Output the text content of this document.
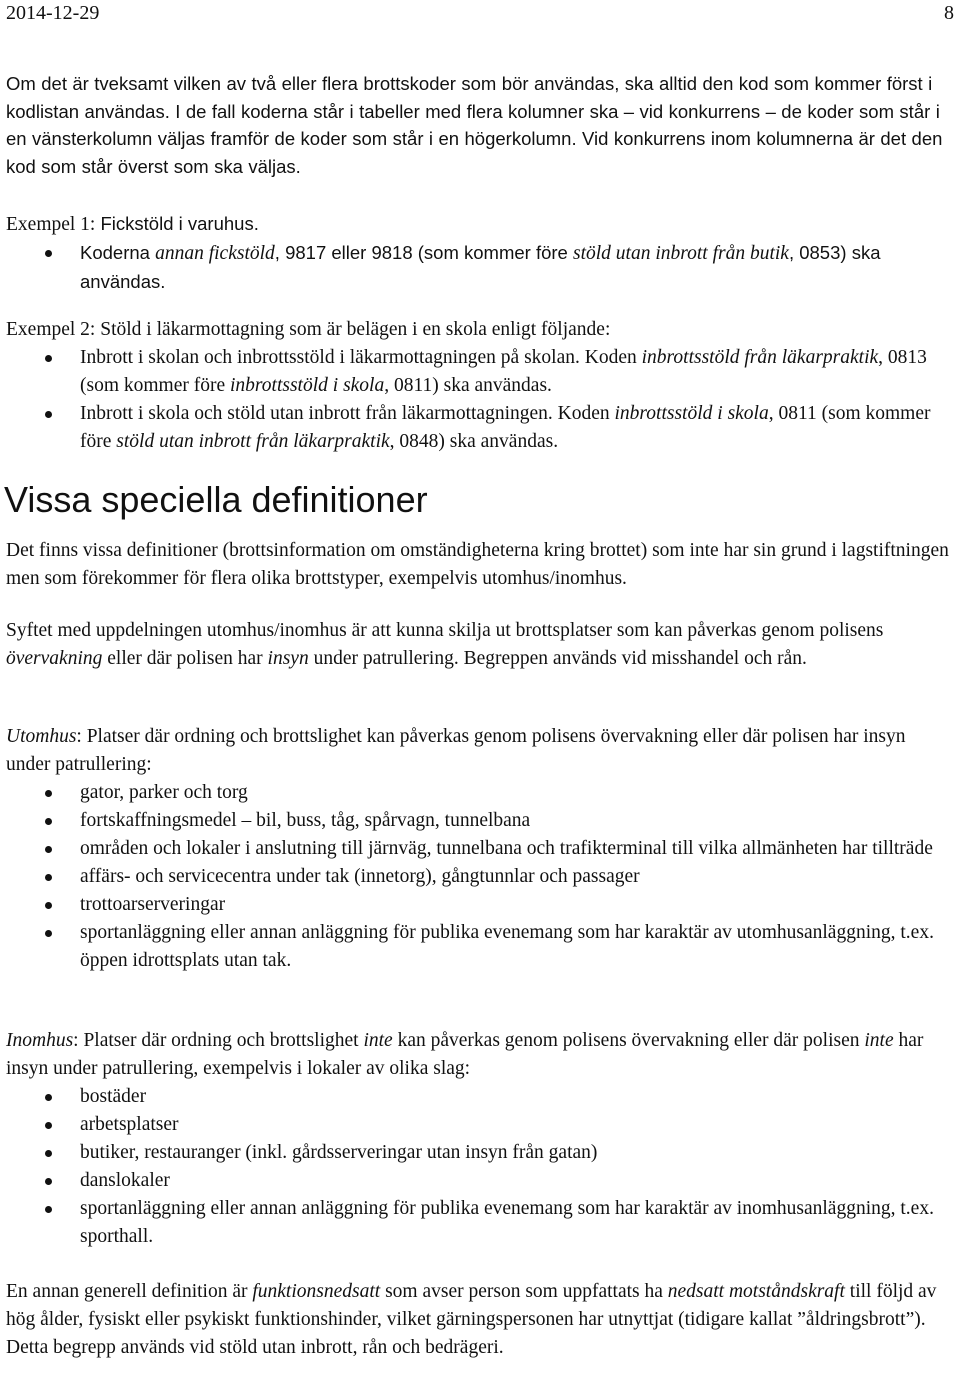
2014-12-29	8
Om det är tveksamt vilken av två eller flera brottskoder som bör användas, ska alltid den kod som kommer först i kodlistan användas. I de fall koderna står i tabeller med flera kolumner ska – vid konkurrens – de koder som står i en vänsterkolumn väljas framför de koder som står i en högerkolumn. Vid konkurrens inom kolumnerna är det den kod som står överst som ska väljas.
Exempel 1: Fickstöld i varuhus.
Koderna annan fickstöld, 9817 eller 9818 (som kommer före stöld utan inbrott från butik, 0853) ska användas.
Exempel 2: Stöld i läkarmottagning som är belägen i en skola enligt följande:
Inbrott i skolan och inbrottsstöld i läkarmottagningen på skolan. Koden inbrottsstöld från läkarpraktik, 0813 (som kommer före inbrottsstöld i skola, 0811) ska användas.
Inbrott i skola och stöld utan inbrott från läkarmottagningen. Koden inbrottsstöld i skola, 0811 (som kommer före stöld utan inbrott från läkarpraktik, 0848) ska användas.
Vissa speciella definitioner
Det finns vissa definitioner (brottsinformation om omständigheterna kring brottet) som inte har sin grund i lagstiftningen men som förekommer för flera olika brottstyper, exempelvis utomhus/inomhus.
Syftet med uppdelningen utomhus/inomhus är att kunna skilja ut brottsplatser som kan påverkas genom polisens övervakning eller där polisen har insyn under patrullering. Begreppen används vid misshandel och rån.
Utomhus: Platser där ordning och brottslighet kan påverkas genom polisens övervakning eller där polisen har insyn under patrullering:
gator, parker och torg
fortskaffningsmedel – bil, buss, tåg, spårvagn, tunnelbana
områden och lokaler i anslutning till järnväg, tunnelbana och trafikterminal till vilka allmänheten har tillträde
affärs- och servicecentra under tak (innetorg), gångtunnlar och passager
trottoarserveringar
sportanläggning eller annan anläggning för publika evenemang som har karaktär av utomhusanläggning, t.ex. öppen idrottsplats utan tak.
Inomhus: Platser där ordning och brottslighet inte kan påverkas genom polisens övervakning eller där polisen inte har insyn under patrullering, exempelvis i lokaler av olika slag:
bostäder
arbetsplatser
butiker, restauranger (inkl. gårdsserveringar utan insyn från gatan)
danslokaler
sportanläggning eller annan anläggning för publika evenemang som har karaktär av inomhusanläggning, t.ex. sporthall.
En annan generell definition är funktionsnedsatt som avser person som uppfattats ha nedsatt motståndskraft till följd av hög ålder, fysiskt eller psykiskt funktionshinder, vilket gärningspersonen har utnyttjat (tidigare kallat ”åldringsbrott”). Detta begrepp används vid stöld utan inbrott, rån och bedrägeri.
